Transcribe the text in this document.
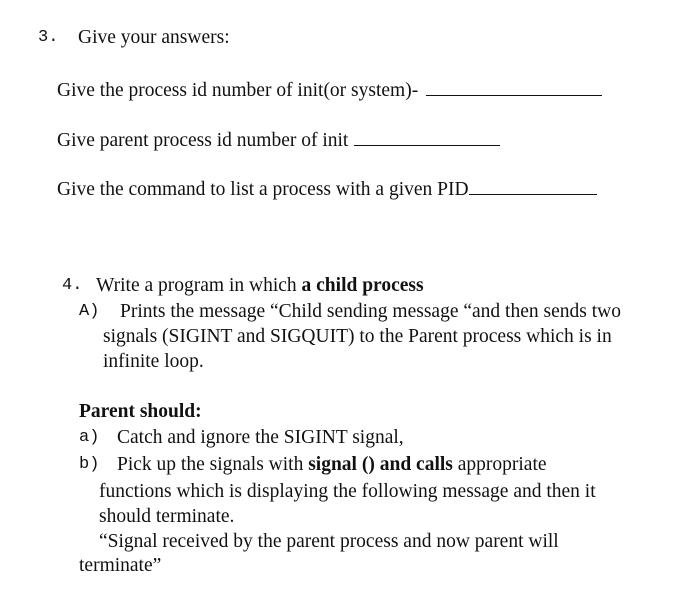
3. Give your answers:
Give the process id number of init(or system)-
Give parent process id number of init
Give the command to list a process with a given PID
4. Write a program in which a child process
A) Prints the message “Child sending message “and then sends two
signals (SIGINT and SIGQUIT) to the Parent process which is in
infinite loop.
Parent should:
a) Catch and ignore the SIGINT signal,
b) Pick up the signals with signal () and calls appropriate
functions which is displaying the following message and then it
should terminate.
“Signal received by the parent process and now parent will
terminate”
